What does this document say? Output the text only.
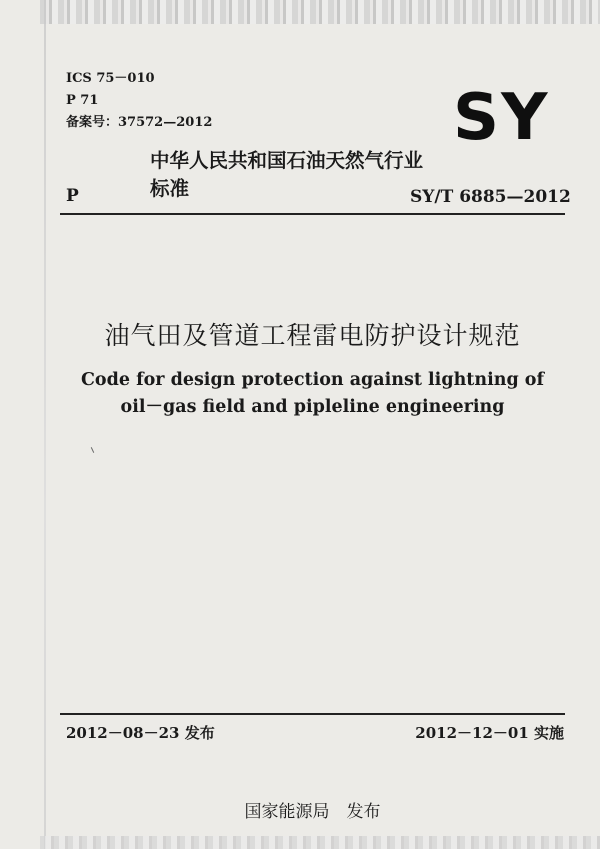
ICS 75－010
P 71
备案号：37572—2012	SY
中华人民共和国石油天然气行业标准
P	SY/T 6885—2012
油气田及管道工程雷电防护设计规范
Code for design protection against lightning of
oil－gas field and pipleline engineering
2012－08－23 发布	2012－12－01 实施
国家能源局　发布
